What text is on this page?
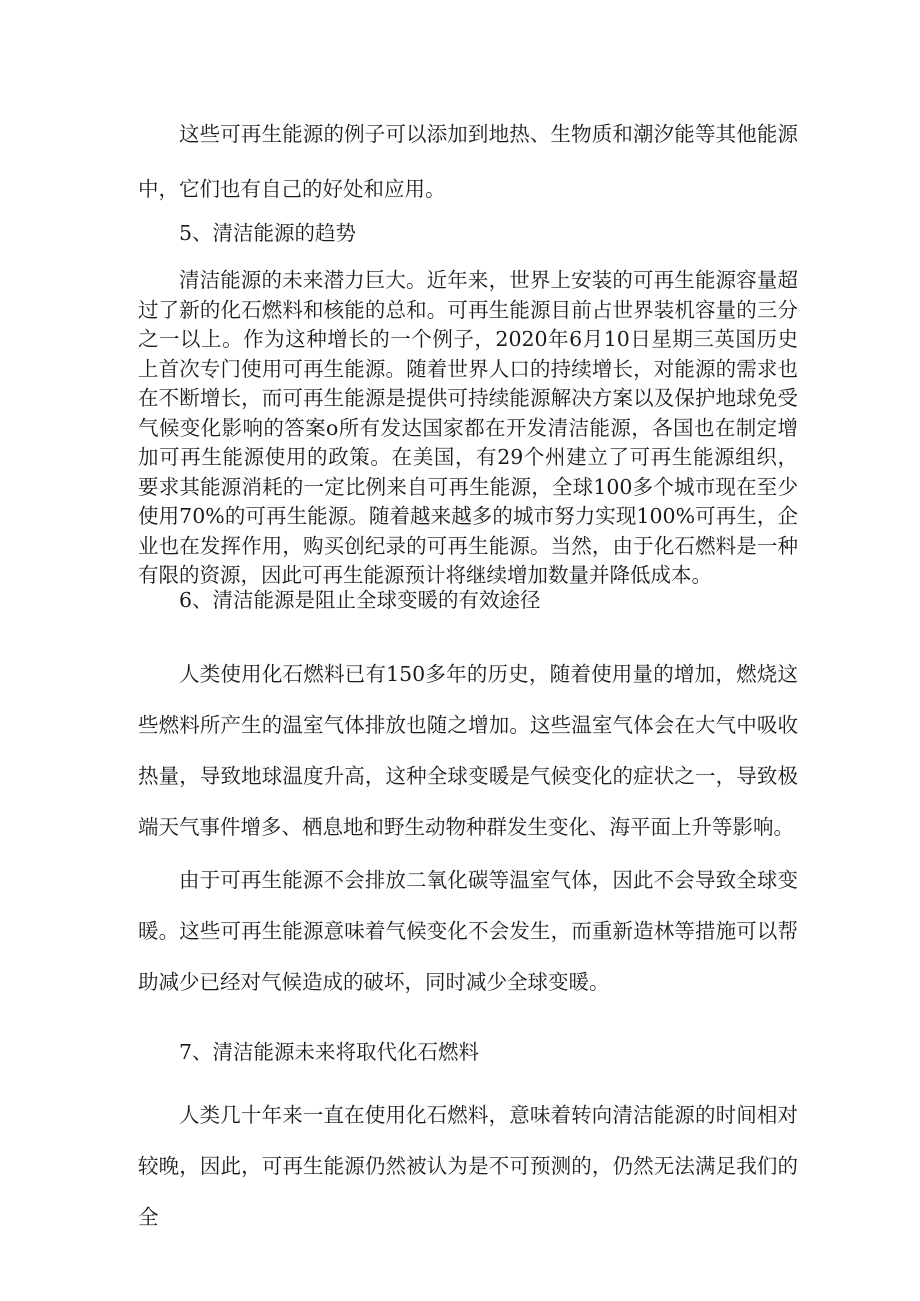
这些可再生能源的例子可以添加到地热、生物质和潮汐能等其他能源中，它们也有自己的好处和应用。

5、清洁能源的趋势

清洁能源的未来潜力巨大。近年来，世界上安装的可再生能源容量超过了新的化石燃料和核能的总和。可再生能源目前占世界装机容量的三分之一以上。作为这种增长的一个例子，2020年6月10日星期三英国历史上首次专门使用可再生能源。随着世界人口的持续增长，对能源的需求也在不断增长，而可再生能源是提供可持续能源解决方案以及保护地球免受气候变化影响的答案o所有发达国家都在开发清洁能源，各国也在制定增加可再生能源使用的政策。在美国，有29个州建立了可再生能源组织，要求其能源消耗的一定比例来自可再生能源，全球100多个城市现在至少使用70%的可再生能源。随着越来越多的城市努力实现100%可再生，企业也在发挥作用，购买创纪录的可再生能源。当然，由于化石燃料是一种有限的资源，因此可再生能源预计将继续增加数量并降低成本。

6、清洁能源是阻止全球变暖的有效途径

人类使用化石燃料已有150多年的历史，随着使用量的增加，燃烧这些燃料所产生的温室气体排放也随之增加。这些温室气体会在大气中吸收热量，导致地球温度升高，这种全球变暖是气候变化的症状之一，导致极端天气事件增多、栖息地和野生动物种群发生变化、海平面上升等影响。

由于可再生能源不会排放二氧化碳等温室气体，因此不会导致全球变暖。这些可再生能源意味着气候变化不会发生，而重新造林等措施可以帮助减少已经对气候造成的破坏，同时减少全球变暖。

7、清洁能源未来将取代化石燃料

人类几十年来一直在使用化石燃料，意味着转向清洁能源的时间相对较晚，因此，可再生能源仍然被认为是不可预测的，仍然无法满足我们的全
